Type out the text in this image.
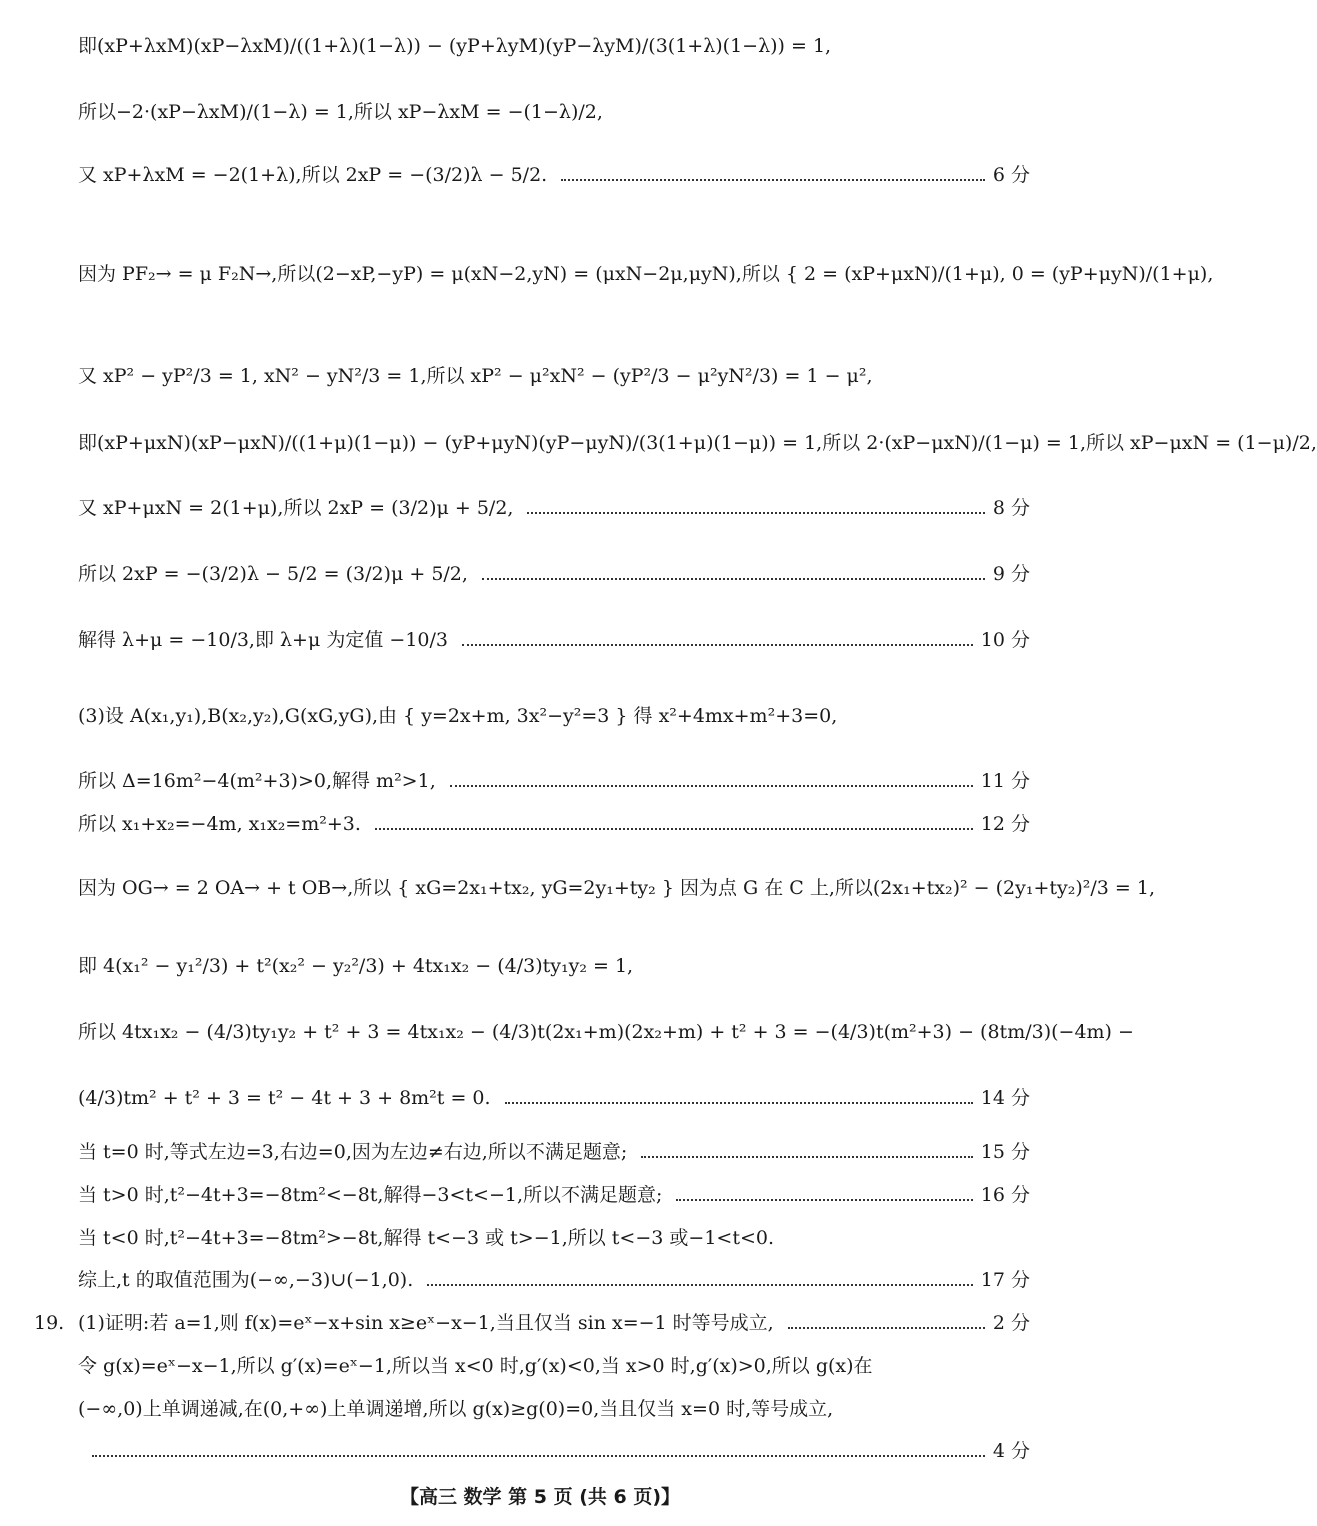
即(xP+λxM)(xP−λxM)/((1+λ)(1−λ)) − (yP+λyM)(yP−λyM)/(3(1+λ)(1−λ)) = 1,
所以−2·(xP−λxM)/(1−λ) = 1,所以 xP−λxM = −(1−λ)/2,
又 xP+λxM = −2(1+λ),所以 2xP = −(3/2)λ − 5/2.	6 分
因为 PF₂→ = μ F₂N→,所以(2−xP,−yP) = μ(xN−2,yN) = (μxN−2μ,μyN),所以 { 2 = (xP+μxN)/(1+μ), 0 = (yP+μyN)/(1+μ),
又 xP² − yP²/3 = 1, xN² − yN²/3 = 1,所以 xP² − μ²xN² − (yP²/3 − μ²yN²/3) = 1 − μ²,
即(xP+μxN)(xP−μxN)/((1+μ)(1−μ)) − (yP+μyN)(yP−μyN)/(3(1+μ)(1−μ)) = 1,所以 2·(xP−μxN)/(1−μ) = 1,所以 xP−μxN = (1−μ)/2,
又 xP+μxN = 2(1+μ),所以 2xP = (3/2)μ + 5/2,	8 分
所以 2xP = −(3/2)λ − 5/2 = (3/2)μ + 5/2,	9 分
解得 λ+μ = −10/3,即 λ+μ 为定值 −10/3	10 分
(3)设 A(x₁,y₁),B(x₂,y₂),G(xG,yG),由 { y=2x+m, 3x²−y²=3 } 得 x²+4mx+m²+3=0,
所以 Δ=16m²−4(m²+3)>0,解得 m²>1,	11 分
所以 x₁+x₂=−4m, x₁x₂=m²+3.	12 分
因为 OG→ = 2 OA→ + t OB→,所以 { xG=2x₁+tx₂, yG=2y₁+ty₂ } 因为点 G 在 C 上,所以(2x₁+tx₂)² − (2y₁+ty₂)²/3 = 1,
即 4(x₁² − y₁²/3) + t²(x₂² − y₂²/3) + 4tx₁x₂ − (4/3)ty₁y₂ = 1,
所以 4tx₁x₂ − (4/3)ty₁y₂ + t² + 3 = 4tx₁x₂ − (4/3)t(2x₁+m)(2x₂+m) + t² + 3 = −(4/3)t(m²+3) − (8tm/3)(−4m) −
(4/3)tm² + t² + 3 = t² − 4t + 3 + 8m²t = 0.	14 分
当 t=0 时,等式左边=3,右边=0,因为左边≠右边,所以不满足题意;	15 分
当 t>0 时,t²−4t+3=−8tm²<−8t,解得−3<t<−1,所以不满足题意;	16 分
当 t<0 时,t²−4t+3=−8tm²>−8t,解得 t<−3 或 t>−1,所以 t<−3 或−1<t<0.
综上,t 的取值范围为(−∞,−3)∪(−1,0).	17 分
19. (1)证明:若 a=1,则 f(x)=eˣ−x+sin x≥eˣ−x−1,当且仅当 sin x=−1 时等号成立,	2 分
令 g(x)=eˣ−x−1,所以 g′(x)=eˣ−1,所以当 x<0 时,g′(x)<0,当 x>0 时,g′(x)>0,所以 g(x)在
(−∞,0)上单调递减,在(0,+∞)上单调递增,所以 g(x)≥g(0)=0,当且仅当 x=0 时,等号成立,
4 分
【高三 数学 第 5 页 (共 6 页)】
